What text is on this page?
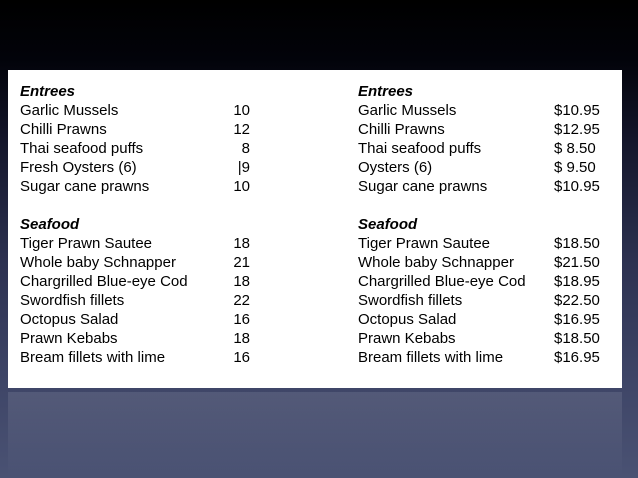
Entrees
Garlic Mussels	10
Chilli Prawns	12
Thai seafood puffs	8
Fresh Oysters (6)	|9
Sugar cane prawns	10
Seafood
Tiger Prawn Sautee	18
Whole baby Schnapper	21
Chargrilled Blue-eye Cod	18
Swordfish fillets	22
Octopus Salad	16
Prawn Kebabs	18
Bream fillets with lime	16
Entrees
Garlic Mussels	$10.95
Chilli Prawns	$12.95
Thai seafood puffs	$ 8.50
Oysters (6)	$ 9.50
Sugar cane prawns	$10.95
Seafood
Tiger Prawn Sautee	$18.50
Whole baby Schnapper	$21.50
Chargrilled Blue-eye Cod $18.95
Swordfish fillets	$22.50
Octopus Salad	$16.95
Prawn Kebabs	$18.50
Bream fillets with lime	$16.95
